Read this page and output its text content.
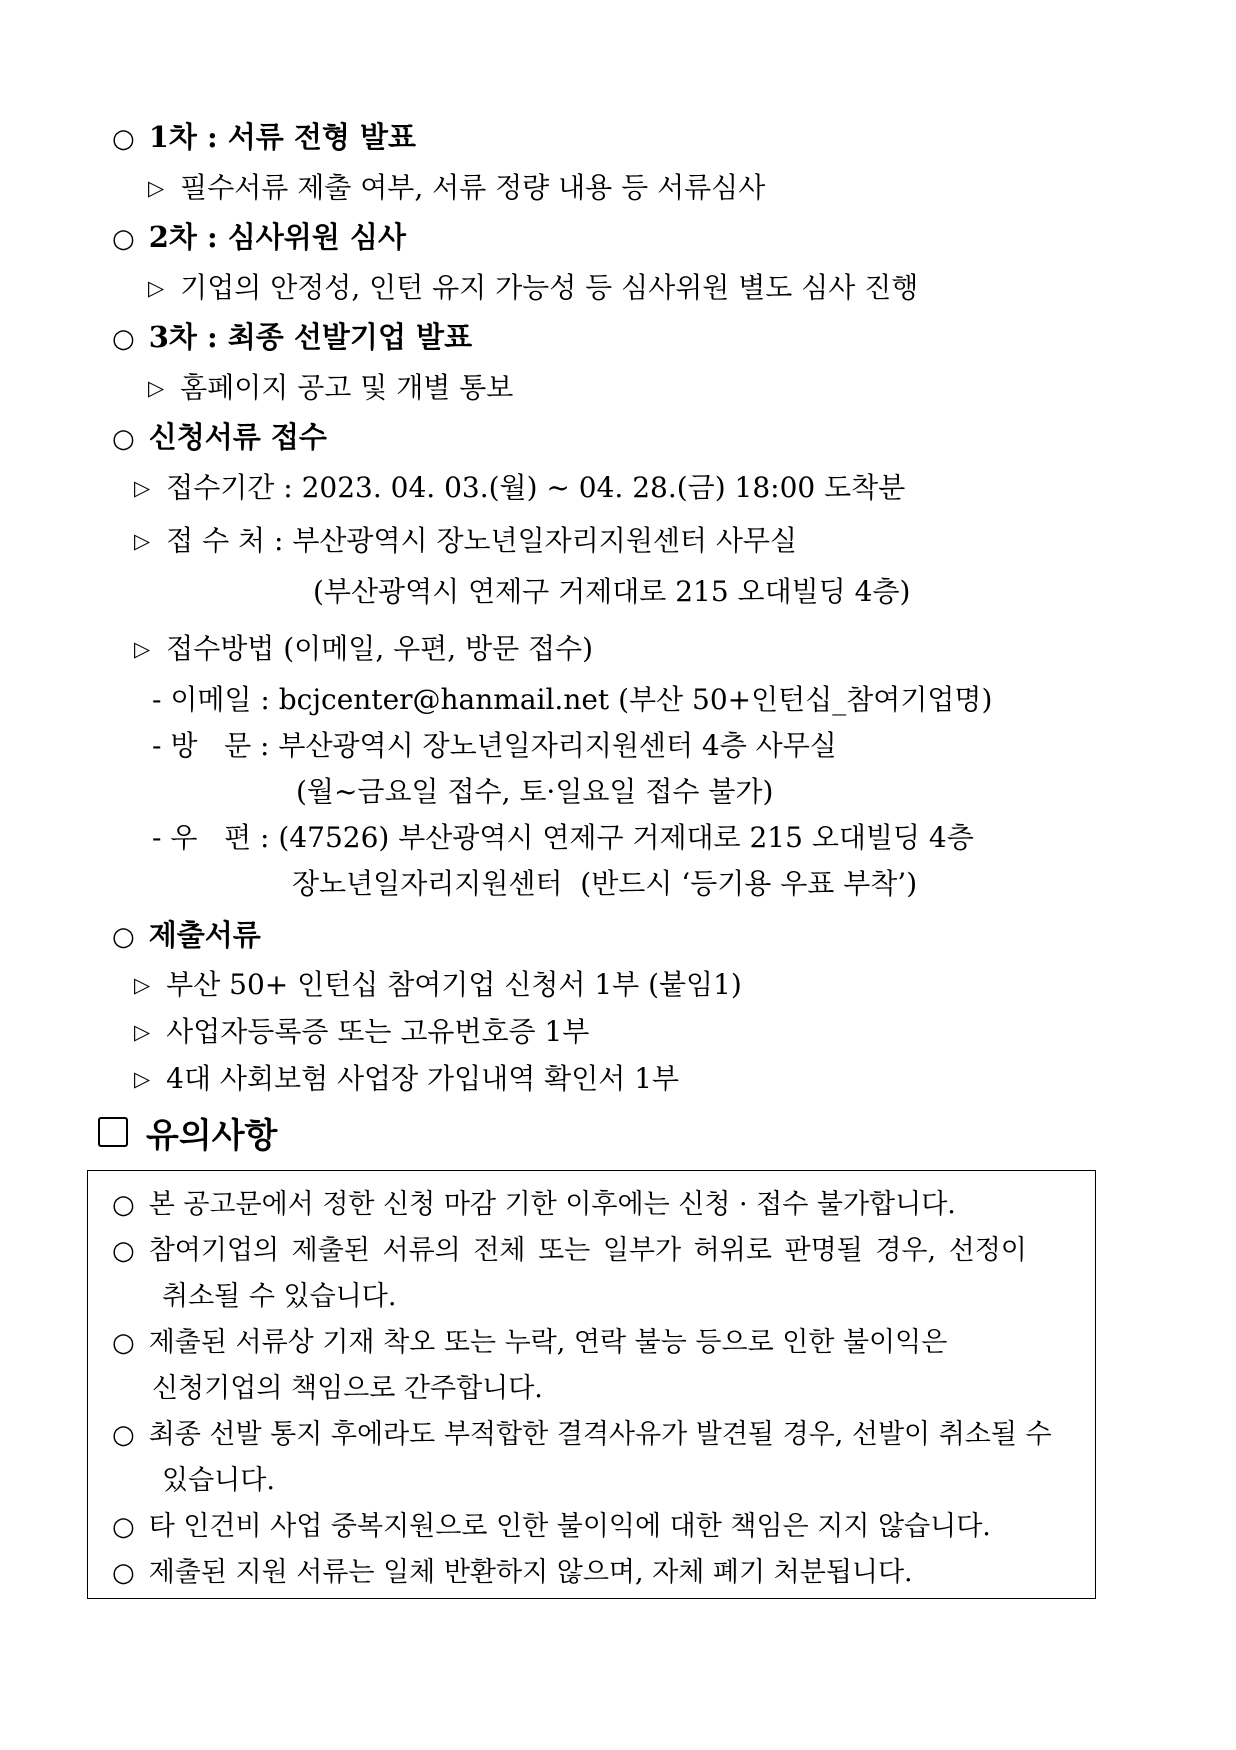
○ 1차 : 서류 전형 발표
▷ 필수서류 제출 여부, 서류 정량 내용 등 서류심사
○ 2차 : 심사위원 심사
▷ 기업의 안정성, 인턴 유지 가능성 등 심사위원 별도 심사 진행
○ 3차 : 최종 선발기업 발표
▷ 홈페이지 공고 및 개별 통보
○ 신청서류 접수
▷ 접수기간 : 2023. 04. 03.(월) ~ 04. 28.(금) 18:00 도착분
▷ 접 수 처 : 부산광역시 장노년일자리지원센터 사무실
(부산광역시 연제구 거제대로 215 오대빌딩 4층)
▷ 접수방법 (이메일, 우편, 방문 접수)
- 이메일 : bcjcenter@hanmail.net (부산 50+인턴십_참여기업명)
- 방   문 : 부산광역시 장노년일자리지원센터 4층 사무실
(월~금요일 접수, 토·일요일 접수 불가)
- 우   편 : (47526) 부산광역시 연제구 거제대로 215 오대빌딩 4층
장노년일자리지원센터  (반드시 ‘등기용 우표 부착’)
○ 제출서류
▷ 부산 50+ 인턴십 참여기업 신청서 1부 (붙임1)
▷ 사업자등록증 또는 고유번호증 1부
▷ 4대 사회보험 사업장 가입내역 확인서 1부
유의사항
○ 본 공고문에서 정한 신청 마감 기한 이후에는 신청 · 접수 불가합니다.
○ 참여기업의 제출된 서류의 전체 또는 일부가 허위로 판명될 경우, 선정이
취소될 수 있습니다.
○ 제출된 서류상 기재 착오 또는 누락, 연락 불능 등으로 인한 불이익은
신청기업의 책임으로 간주합니다.
○ 최종 선발 통지 후에라도 부적합한 결격사유가 발견될 경우, 선발이 취소될 수
있습니다.
○ 타 인건비 사업 중복지원으로 인한 불이익에 대한 책임은 지지 않습니다.
○ 제출된 지원 서류는 일체 반환하지 않으며, 자체 폐기 처분됩니다.
